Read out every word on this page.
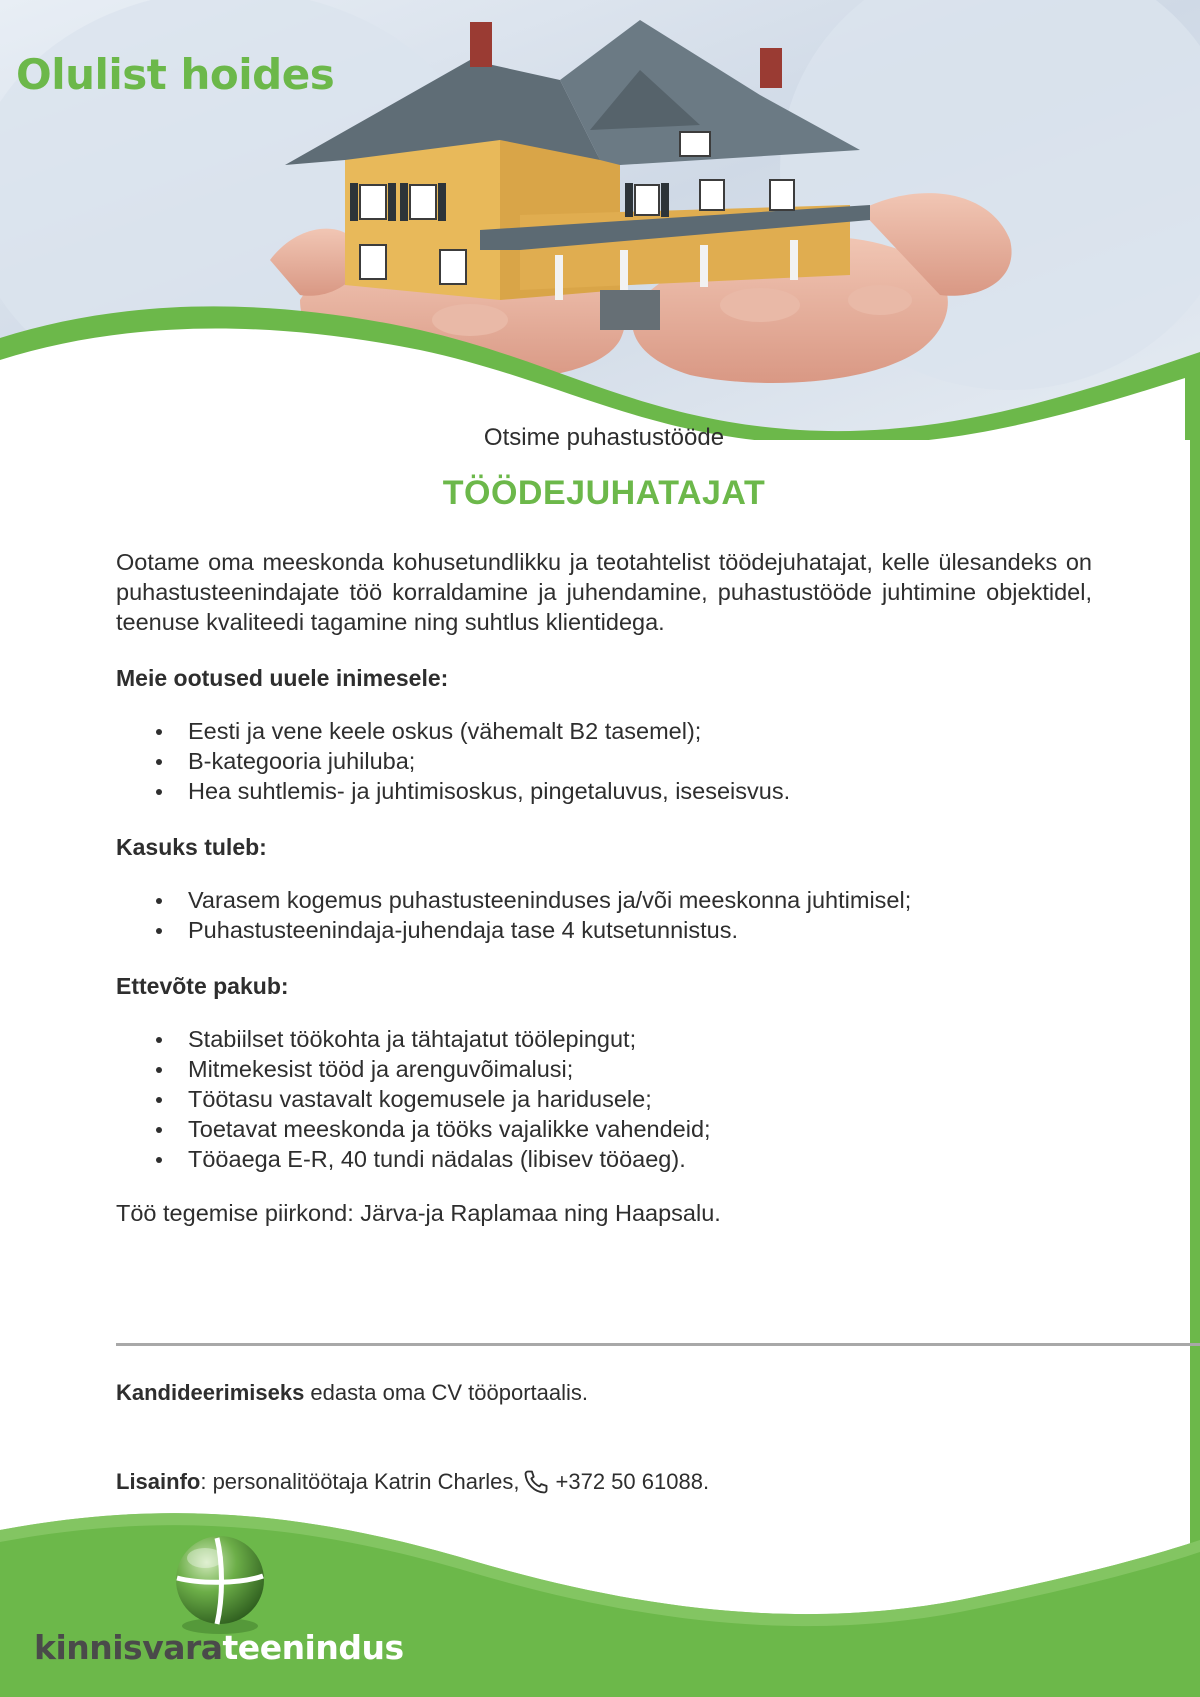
Olulist hoides

Otsime puhastustööde

TÖÖDEJUHATAJAT

Ootame oma meeskonda kohusetundlikku ja teotahtelist töödejuhatajat, kelle ülesandeks on puhastusteenindajate töö korraldamine ja juhendamine, puhastustööde juhtimine objektidel, teenuse kvaliteedi tagamine ning suhtlus klientidega.

Meie ootused uuele inimesele:
Eesti ja vene keele oskus (vähemalt B2 tasemel);
B-kategooria juhiluba;
Hea suhtlemis- ja juhtimisoskus, pingetaluvus, iseseisvus.
Kasuks tuleb:
Varasem kogemus puhastusteeninduses ja/või meeskonna juhtimisel;
Puhastusteenindaja-juhendaja tase 4 kutsetunnistus.
Ettevõte pakub:
Stabiilset töökohta ja tähtajatut töölepingut;
Mitmekesist tööd ja arenguvõimalusi;
Töötasu vastavalt kogemusele ja haridusele;
Toetavat meeskonda ja tööks vajalikke vahendeid;
Tööaega E-R, 40 tundi nädalas (libisev tööaeg).

Töö tegemise piirkond: Järva-ja Raplamaa ning Haapsalu.

Kandideerimiseks edasta oma CV tööportaalis.

Lisainfo : personalitöötaja Katrin Charles, +372 50 61088.

kinnisvarateenindus
